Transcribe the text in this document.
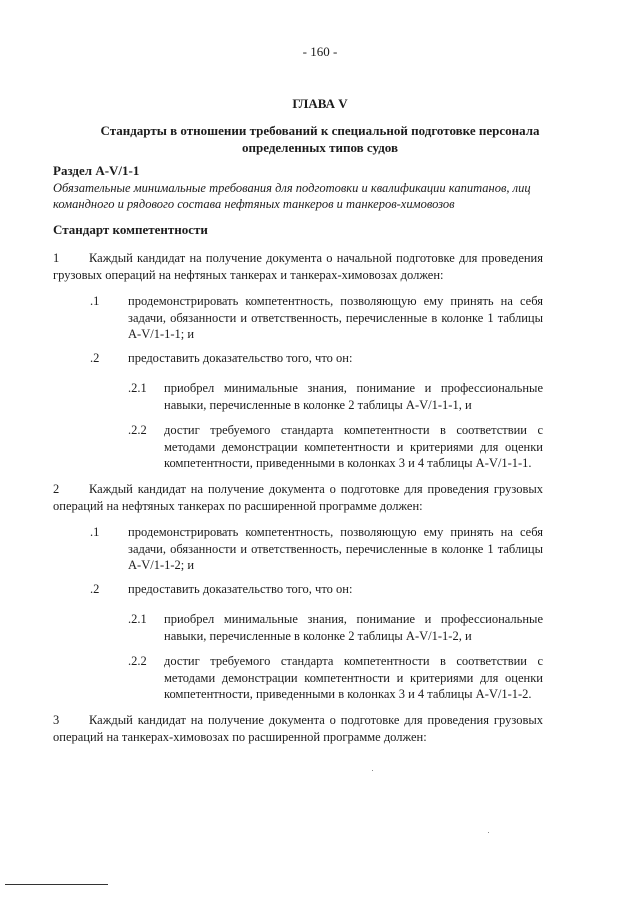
- 160 -
ГЛАВА V
Стандарты в отношении требований к специальной подготовке персонала определенных типов судов
Раздел A-V/1-1
Обязательные минимальные требования для подготовки и квалификации капитанов, лиц командного и рядового состава нефтяных танкеров и танкеров-химовозов
Стандарт компетентности
1 Каждый кандидат на получение документа о начальной подготовке для проведения грузовых операций на нефтяных танкерах и танкерах-химовозах должен:
.1 продемонстрировать компетентность, позволяющую ему принять на себя задачи, обязанности и ответственность, перечисленные в колонке 1 таблицы A-V/1-1-1; и
.2 предоставить доказательство того, что он:
.2.1 приобрел минимальные знания, понимание и профессиональные навыки, перечисленные в колонке 2 таблицы A-V/1-1-1, и
.2.2 достиг требуемого стандарта компетентности в соответствии с методами демонстрации компетентности и критериями для оценки компетентности, приведенными в колонках 3 и 4 таблицы A-V/1-1-1.
2 Каждый кандидат на получение документа о подготовке для проведения грузовых операций на нефтяных танкерах по расширенной программе должен:
.1 продемонстрировать компетентность, позволяющую ему принять на себя задачи, обязанности и ответственность, перечисленные в колонке 1 таблицы A-V/1-1-2; и
.2 предоставить доказательство того, что он:
.2.1 приобрел минимальные знания, понимание и профессиональные навыки, перечисленные в колонке 2 таблицы A-V/1-1-2, и
.2.2 достиг требуемого стандарта компетентности в соответствии с методами демонстрации компетентности и критериями для оценки компетентности, приведенными в колонках 3 и 4 таблицы A-V/1-1-2.
3 Каждый кандидат на получение документа о подготовке для проведения грузовых операций на танкерах-химовозах по расширенной программе должен:
